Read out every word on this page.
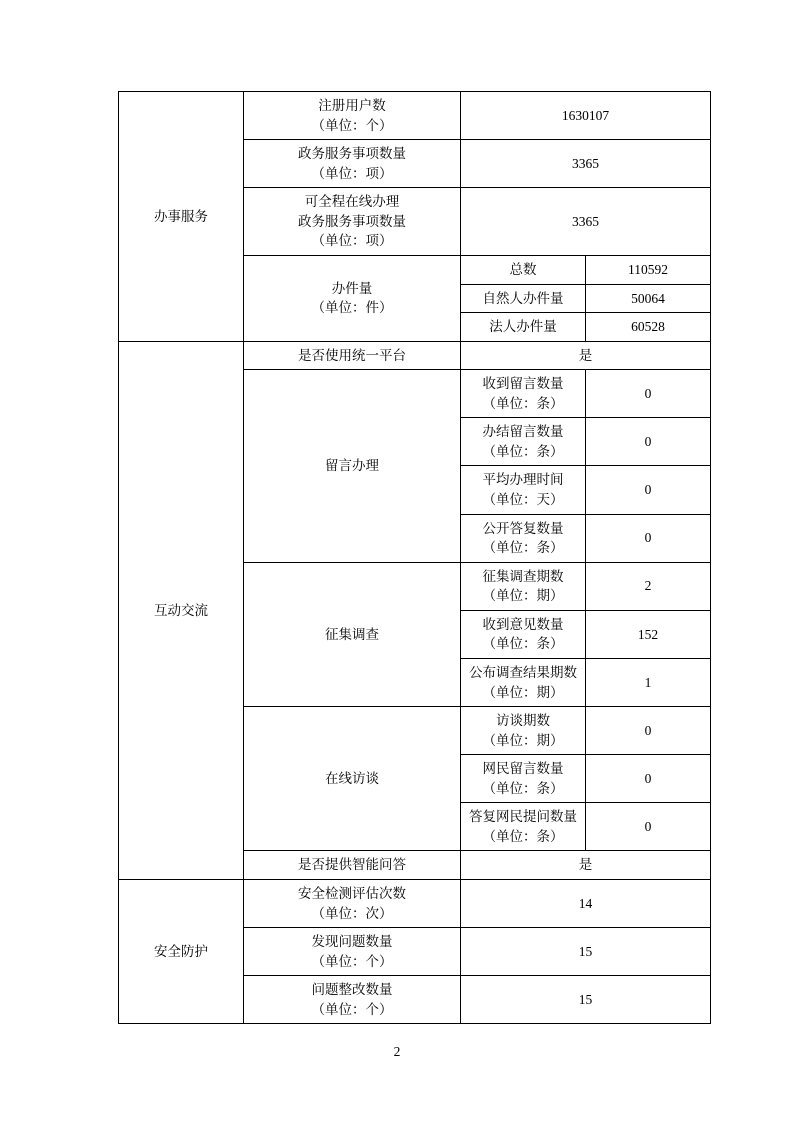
办事服务	注册用户数
（单位：个）	1630107	

	政务服务事项数量
（单位：项）	3365	

	可全程在线办理
政务服务事项数量
（单位：项）	3365	

	办件量
（单位：件）	总数	110592
		自然人办件量	50064
		法人办件量	60528
互动交流	是否使用统一平台	是	
	留言办理	收到留言数量
（单位：条）	0

		办结留言数量
（单位：条）	0

		平均办理时间
（单位：天）	0

		公开答复数量
（单位：条）	0
	征集调查	征集调查期数
（单位：期）	2

		收到意见数量
（单位：条）	152

		公布调查结果期数
（单位：期）	1
	在线访谈	访谈期数
（单位：期）	0

		网民留言数量
（单位：条）	0

		答复网民提问数量
（单位：条）	0
	是否提供智能问答	是	
安全防护	安全检测评估次数
（单位：次）	14	

	发现问题数量
（单位：个）	15	

	问题整改数量
（单位：个）	15	
2
